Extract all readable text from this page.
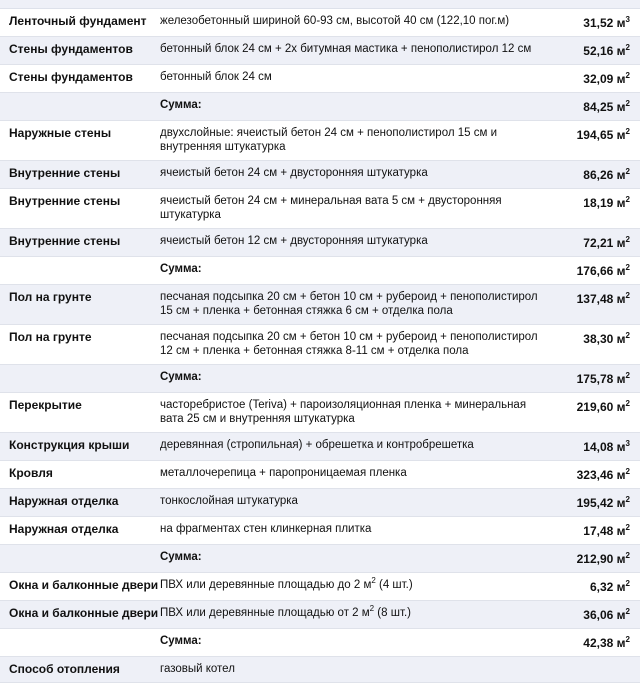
Ленточный фундамент	железобетонный шириной 60-93 см, высотой 40 см (122,10 пог.м)	31,52 $м^3$
Стены фундаментов	бетонный блок 24 см + 2х битумная мастика + пенополистирол 12 см	52,16 $м^2$
Стены фундаментов	бетонный блок 24 см	32,09 $м^2$
	Сумма:	84,25 $м^2$
Наружные стены	двухслойные: ячеистый бетон 24 см + пенополистирол 15 см и внутренняя штукатурка	194,65 $м^2$
Внутренние стены	ячеистый бетон 24 см + двусторонняя штукатурка	86,26 $м^2$
Внутренние стены	ячеистый бетон 24 см + минеральная вата 5 см + двусторонняя штукатурка	18,19 $м^2$
Внутренние стены	ячеистый бетон 12 см + двусторонняя штукатурка	72,21 $м^2$
	Сумма:	176,66 $м^2$
Пол на грунте	песчаная подсыпка 20 см + бетон 10 см + рубероид + пенополистирол 15 см + пленка + бетонная стяжка 6 см + отделка пола	137,48 $м^2$
Пол на грунте	песчаная подсыпка 20 см + бетон 10 см + рубероид + пенополистирол 12 см + пленка + бетонная стяжка 8-11 см + отделка пола	38,30 $м^2$
	Сумма:	175,78 $м^2$
Перекрытие	часторебристое (Teriva) + пароизоляционная пленка + минеральная вата 25 см и внутренняя штукатурка	219,60 $м^2$
Конструкция крыши	деревянная (стропильная) + обрешетка и контробрешетка	14,08 $м^3$
Кровля	металлочерепица + паропроницаемая пленка	323,46 $м^2$
Наружная отделка	тонкослойная штукатурка	195,42 $м^2$
Наружная отделка	на фрагментах стен клинкерная плитка	17,48 $м^2$
	Сумма:	212,90 $м^2$
Окна и балконные двери	ПВХ или деревянные площадью до 2 $м^2$ (4 шт.)	6,32 $м^2$
Окна и балконные двери	ПВХ или деревянные площадью от 2 $м^2$ (8 шт.)	36,06 $м^2$
	Сумма:	42,38 $м^2$
Способ отопления	газовый котел	
